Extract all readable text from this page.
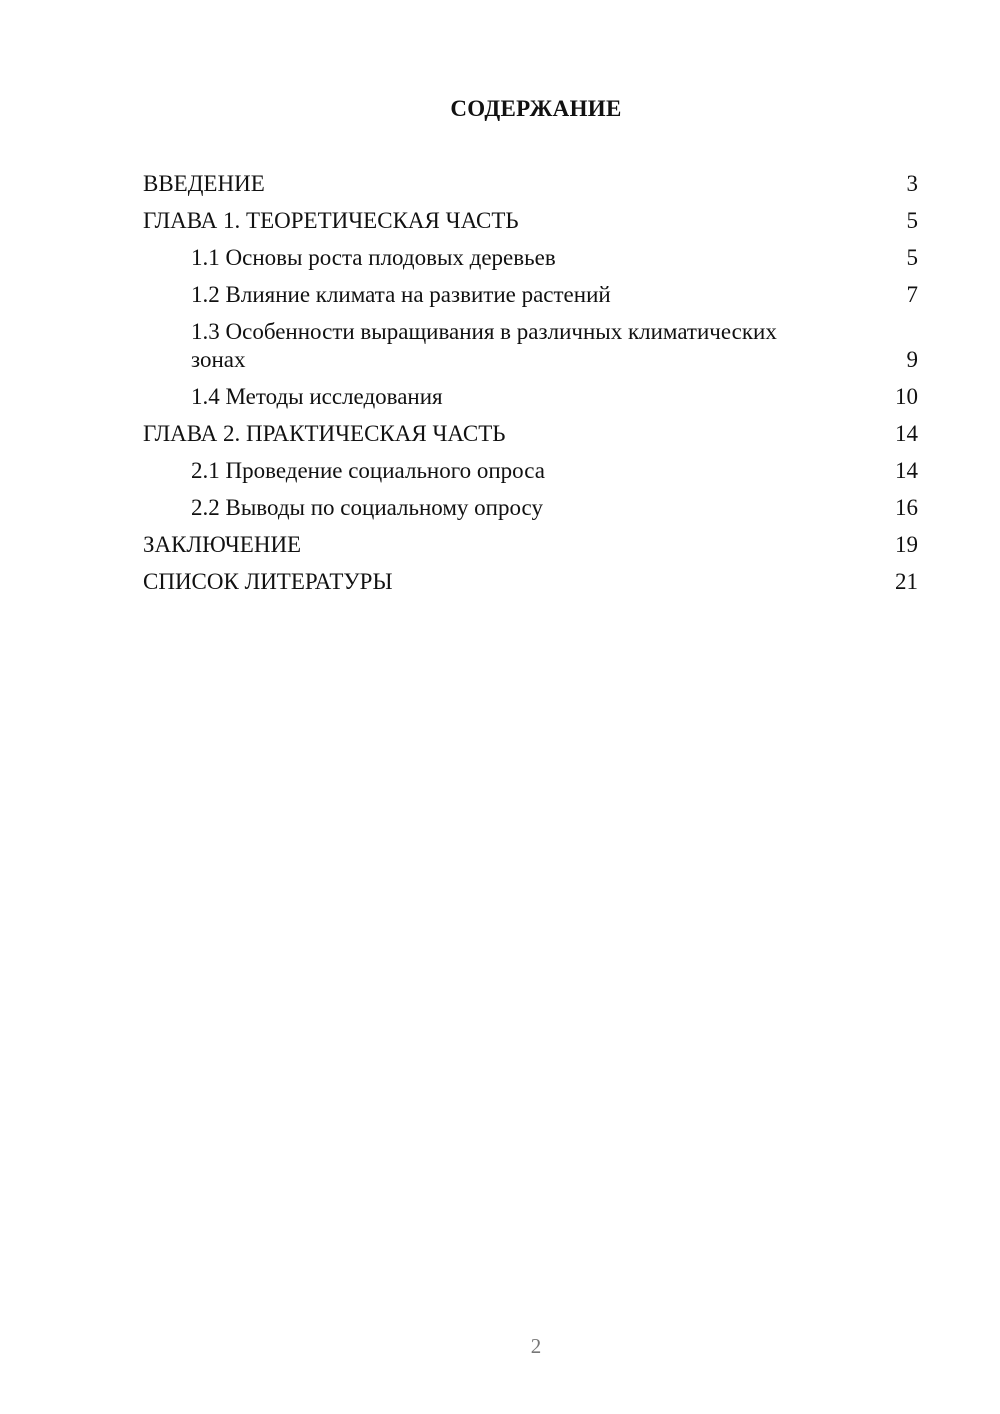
СОДЕРЖАНИЕ
ВВЕДЕНИЕ	3
ГЛАВА 1. ТЕОРЕТИЧЕСКАЯ ЧАСТЬ	5
1.1 Основы роста плодовых деревьев	5
1.2 Влияние климата на развитие растений	7
1.3 Особенности выращивания в различных климатических зонах	9
1.4 Методы исследования	10
ГЛАВА 2. ПРАКТИЧЕСКАЯ ЧАСТЬ	14
2.1 Проведение социального опроса	14
2.2 Выводы по социальному опросу	16
ЗАКЛЮЧЕНИЕ	19
СПИСОК ЛИТЕРАТУРЫ	21
2
